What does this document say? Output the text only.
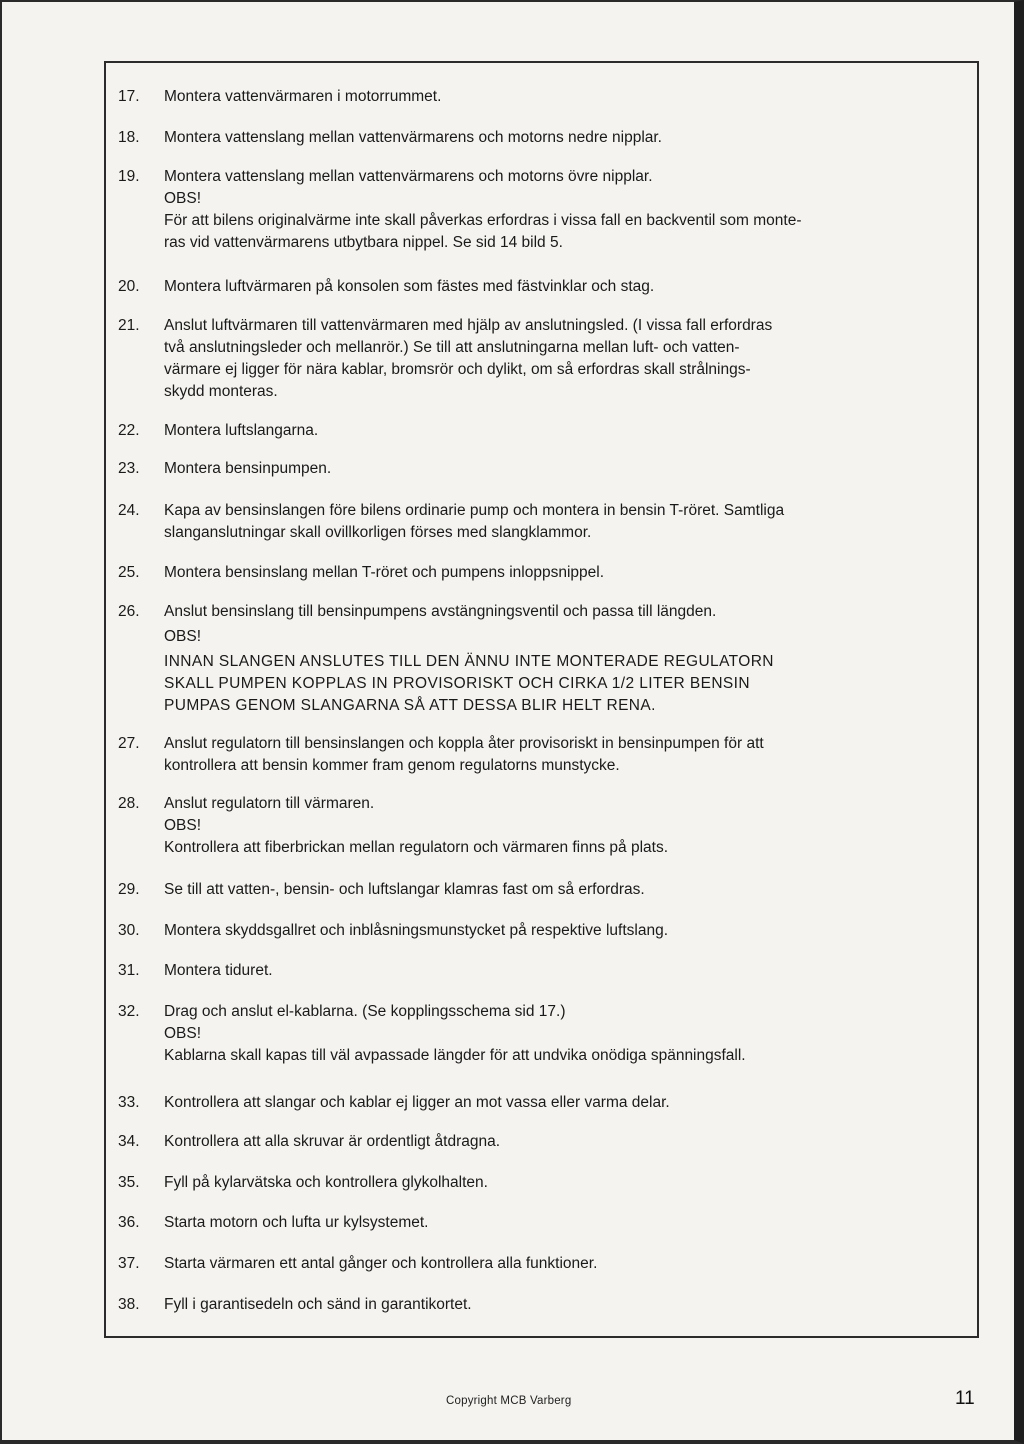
17.	Montera vattenvärmaren i motorrummet.
18.	Montera vattenslang mellan vattenvärmarens och motorns nedre nipplar.
19.	Montera vattenslang mellan vattenvärmarens och motorns övre nipplar.
OBS!
För att bilens originalvärme inte skall påverkas erfordras i vissa fall en backventil som monte-
ras vid vattenvärmarens utbytbara nippel. Se sid 14 bild 5.
20.	Montera luftvärmaren på konsolen som fästes med fästvinklar och stag.
21.	Anslut luftvärmaren till vattenvärmaren med hjälp av anslutningsled. (I vissa fall erfordras
två anslutningsleder och mellanrör.) Se till att anslutningarna mellan luft- och vatten-
värmare ej ligger för nära kablar, bromsrör och dylikt, om så erfordras skall strålnings-
skydd monteras.
22.	Montera luftslangarna.
23.	Montera bensinpumpen.
24.	Kapa av bensinslangen före bilens ordinarie pump och montera in bensin T-röret. Samtliga
slanganslutningar skall ovillkorligen förses med slangklammor.
25.	Montera bensinslang mellan T-röret och pumpens inloppsnippel.
26.	Anslut bensinslang till bensinpumpens avstängningsventil och passa till längden.
OBS!
INNAN SLANGEN ANSLUTES TILL DEN ÄNNU INTE MONTERADE REGULATORN
SKALL PUMPEN KOPPLAS IN PROVISORISKT OCH CIRKA 1/2 LITER BENSIN
PUMPAS GENOM SLANGARNA SÅ ATT DESSA BLIR HELT RENA.
27.	Anslut regulatorn till bensinslangen och koppla åter provisoriskt in bensinpumpen för att
kontrollera att bensin kommer fram genom regulatorns munstycke.
28.	Anslut regulatorn till värmaren.
OBS!
Kontrollera att fiberbrickan mellan regulatorn och värmaren finns på plats.
29.	Se till att vatten-, bensin- och luftslangar klamras fast om så erfordras.
30.	Montera skyddsgallret och inblåsningsmunstycket på respektive luftslang.
31.	Montera tiduret.
32.	Drag och anslut el-kablarna. (Se kopplingsschema sid 17.)
OBS!
Kablarna skall kapas till väl avpassade längder för att undvika onödiga spänningsfall.
33.	Kontrollera att slangar och kablar ej ligger an mot vassa eller varma delar.
34.	Kontrollera att alla skruvar är ordentligt åtdragna.
35.	Fyll på kylarvätska och kontrollera glykolhalten.
36.	Starta motorn och lufta ur kylsystemet.
37.	Starta värmaren ett antal gånger och kontrollera alla funktioner.
38.	Fyll i garantisedeln och sänd in garantikortet.
Copyright MCB Varberg	11
